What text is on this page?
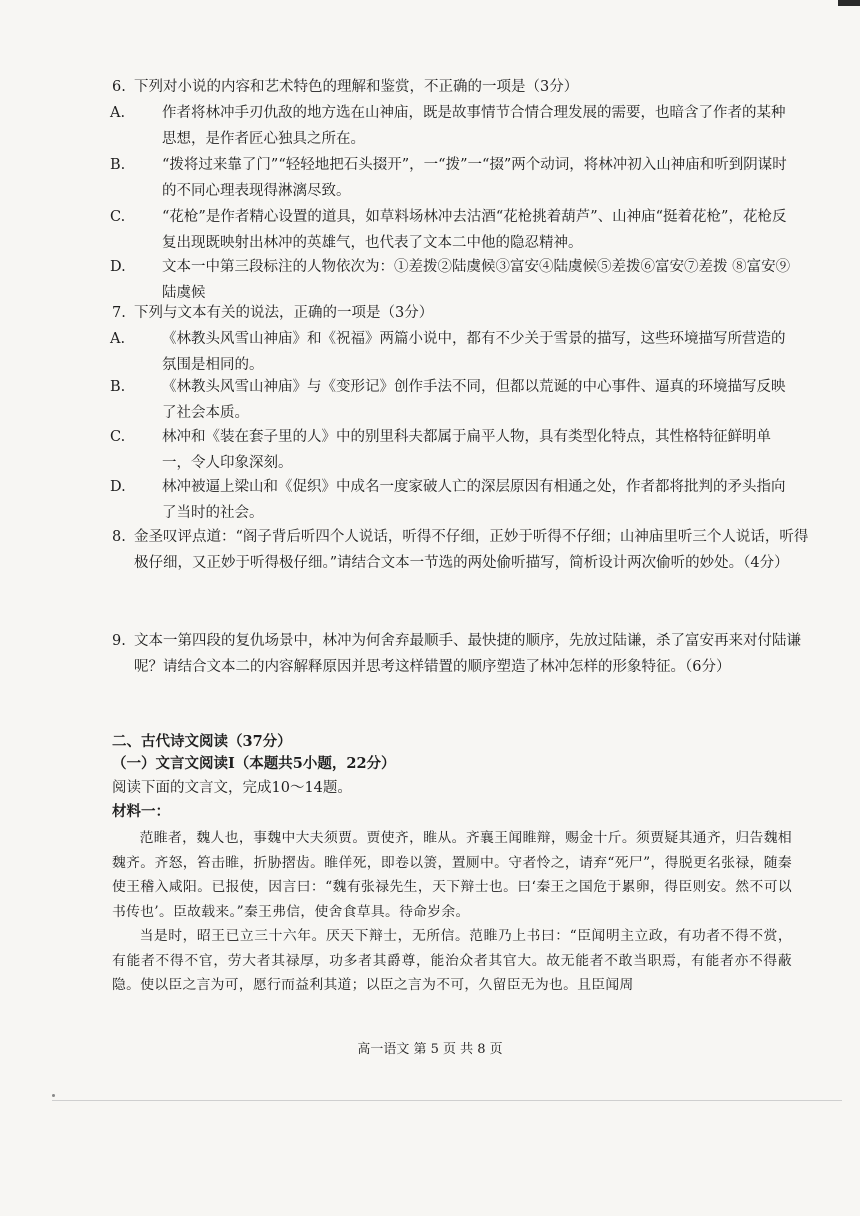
6. 下列对小说的内容和艺术特色的理解和鉴赏，不正确的一项是（3分）
A.	作者将林冲手刃仇敌的地方选在山神庙，既是故事情节合情合理发展的需要，也暗含了作者的某种思想，是作者匠心独具之所在。
B.	“拨将过来靠了门”“轻轻地把石头掇开”，一“拨”一“掇”两个动词，将林冲初入山神庙和听到阴谋时的不同心理表现得淋漓尽致。
C.	“花枪”是作者精心设置的道具，如草料场林冲去沽酒“花枪挑着葫芦”、山神庙“挺着花枪”，花枪反复出现既映射出林冲的英雄气，也代表了文本二中他的隐忍精神。
D.	文本一中第三段标注的人物依次为：①差拨②陆虞候③富安④陆虞候⑤差拨⑥富安⑦差拨 ⑧富安⑨陆虞候
7. 下列与文本有关的说法，正确的一项是（3分）
A.	《林教头风雪山神庙》和《祝福》两篇小说中，都有不少关于雪景的描写，这些环境描写所营造的氛围是相同的。
B.	《林教头风雪山神庙》与《变形记》创作手法不同，但都以荒诞的中心事件、逼真的环境描写反映了社会本质。
C.	林冲和《装在套子里的人》中的别里科夫都属于扁平人物，具有类型化特点，其性格特征鲜明单一，令人印象深刻。
D.	林冲被逼上梁山和《促织》中成名一度家破人亡的深层原因有相通之处，作者都将批判的矛头指向了当时的社会。
8. 金圣叹评点道：“阁子背后听四个人说话，听得不仔细，正妙于听得不仔细；山神庙里听三个人说话，听得极仔细，又正妙于听得极仔细。”请结合文本一节选的两处偷听描写，简析设计两次偷听的妙处。（4分）
9. 文本一第四段的复仇场景中，林冲为何舍弃最顺手、最快捷的顺序，先放过陆谦，杀了富安再来对付陆谦呢？请结合文本二的内容解释原因并思考这样错置的顺序塑造了林冲怎样的形象特征。（6分）
二、古代诗文阅读（37分）
（一）文言文阅读I（本题共5小题，22分）
阅读下面的文言文，完成10～14题。
材料一：

范睢者，魏人也，事魏中大夫须贾。贾使齐，睢从。齐襄王闻睢辩，赐金十斤。须贾疑其通齐，归告魏相魏齐。齐怒，笞击睢，折胁摺齿。睢佯死，即卷以箦，置厕中。守者怜之，请弃“死尸”，得脱更名张禄，随秦使王稽入咸阳。已报使，因言曰：“魏有张禄先生，天下辩士也。曰‘秦王之国危于累卵，得臣则安。然不可以书传也’。臣故载来。”秦王弗信，使舍食草具。待命岁余。

当是时，昭王已立三十六年。厌天下辩士，无所信。范睢乃上书曰：“臣闻明主立政，有功者不得不赏，有能者不得不官，劳大者其禄厚，功多者其爵尊，能治众者其官大。故无能者不敢当职焉，有能者亦不得蔽隐。使以臣之言为可，愿行而益利其道；以臣之言为不可，久留臣无为也。且臣闻周

高一语文 第 5 页 共 8 页
